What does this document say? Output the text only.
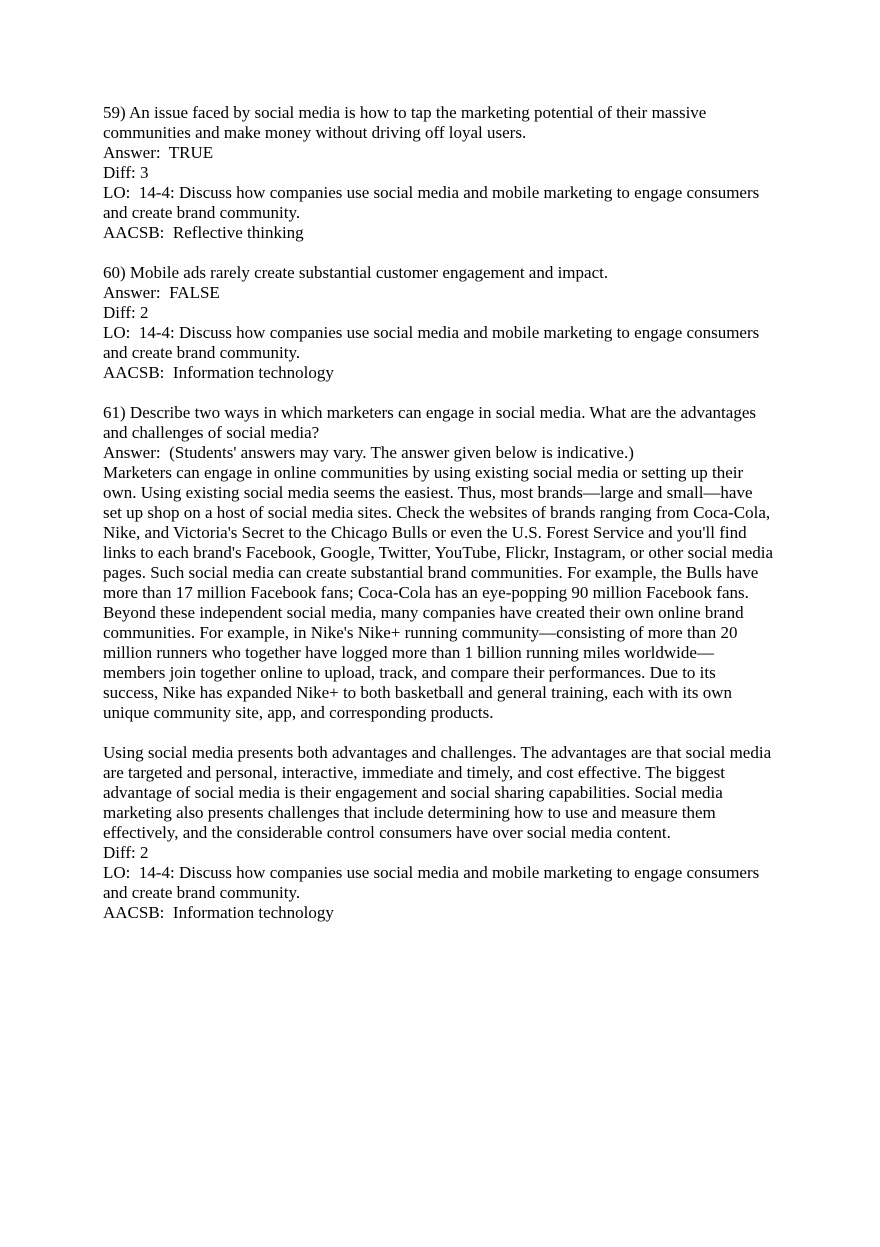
59) An issue faced by social media is how to tap the marketing potential of their massive communities and make money without driving off loyal users.

Answer:  TRUE

Diff: 3

LO:  14-4: Discuss how companies use social media and mobile marketing to engage consumers and create brand community.

AACSB:  Reflective thinking

60) Mobile ads rarely create substantial customer engagement and impact.

Answer:  FALSE

Diff: 2

LO:  14-4: Discuss how companies use social media and mobile marketing to engage consumers and create brand community.

AACSB:  Information technology

61) Describe two ways in which marketers can engage in social media. What are the advantages and challenges of social media?

Answer:  (Students' answers may vary. The answer given below is indicative.)

Marketers can engage in online communities by using existing social media or setting up their own. Using existing social media seems the easiest. Thus, most brands—large and small—have set up shop on a host of social media sites. Check the websites of brands ranging from Coca-Cola, Nike, and Victoria's Secret to the Chicago Bulls or even the U.S. Forest Service and you'll find links to each brand's Facebook, Google, Twitter, YouTube, Flickr, Instagram, or other social media pages. Such social media can create substantial brand communities. For example, the Bulls have more than 17 million Facebook fans; Coca-Cola has an eye-popping 90 million Facebook fans. Beyond these independent social media, many companies have created their own online brand communities. For example, in Nike's Nike+ running community—consisting of more than 20 million runners who together have logged more than 1 billion running miles worldwide—members join together online to upload, track, and compare their performances. Due to its success, Nike has expanded Nike+ to both basketball and general training, each with its own unique community site, app, and corresponding products.

Using social media presents both advantages and challenges. The advantages are that social media are targeted and personal, interactive, immediate and timely, and cost effective. The biggest advantage of social media is their engagement and social sharing capabilities. Social media marketing also presents challenges that include determining how to use and measure them effectively, and the considerable control consumers have over social media content.

Diff: 2

LO:  14-4: Discuss how companies use social media and mobile marketing to engage consumers and create brand community.

AACSB:  Information technology
